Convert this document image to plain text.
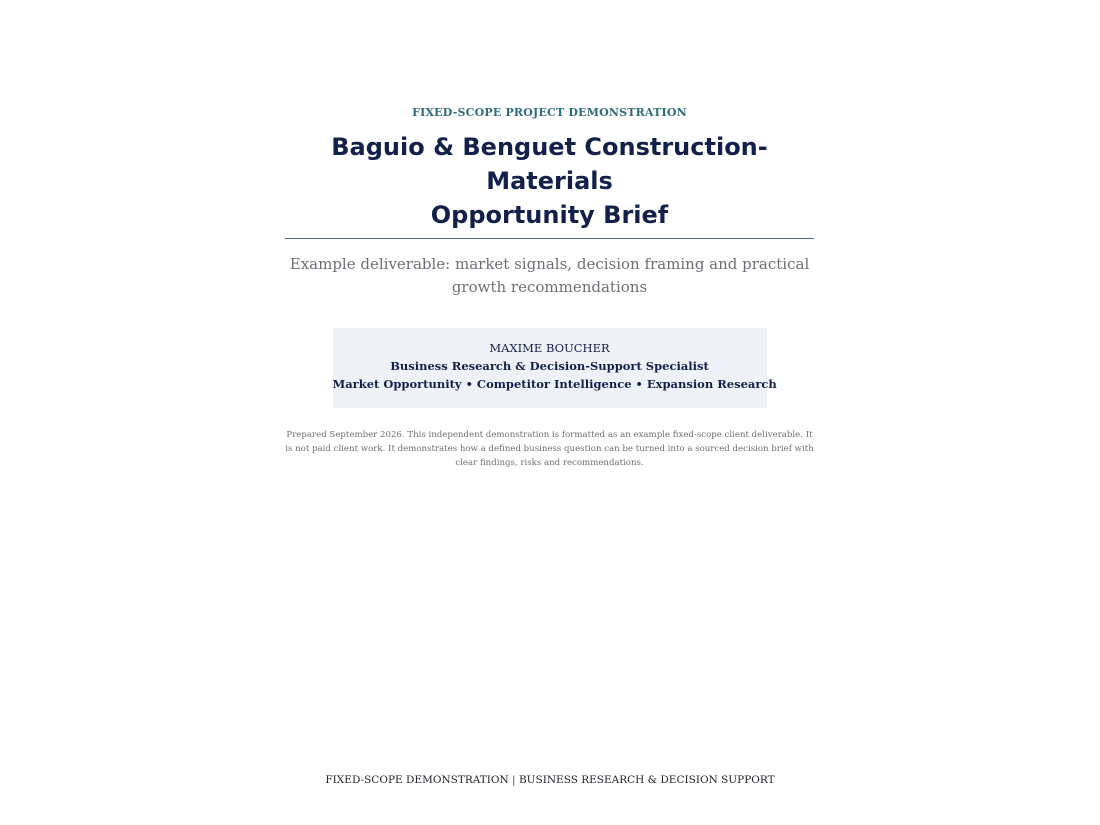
FIXED-SCOPE PROJECT DEMONSTRATION
Baguio & Benguet Construction-Materials
Opportunity Brief
Example deliverable: market signals, decision framing and practical growth recommendations
MAXIME BOUCHER
Business Research & Decision-Support Specialist
Market Opportunity • Competitor Intelligence • Expansion Research
Prepared September 2026. This independent demonstration is formatted as an example fixed-scope client deliverable. It is not paid client work. It demonstrates how a defined business question can be turned into a sourced decision brief with clear findings, risks and recommendations.
FIXED-SCOPE DEMONSTRATION | BUSINESS RESEARCH & DECISION SUPPORT
